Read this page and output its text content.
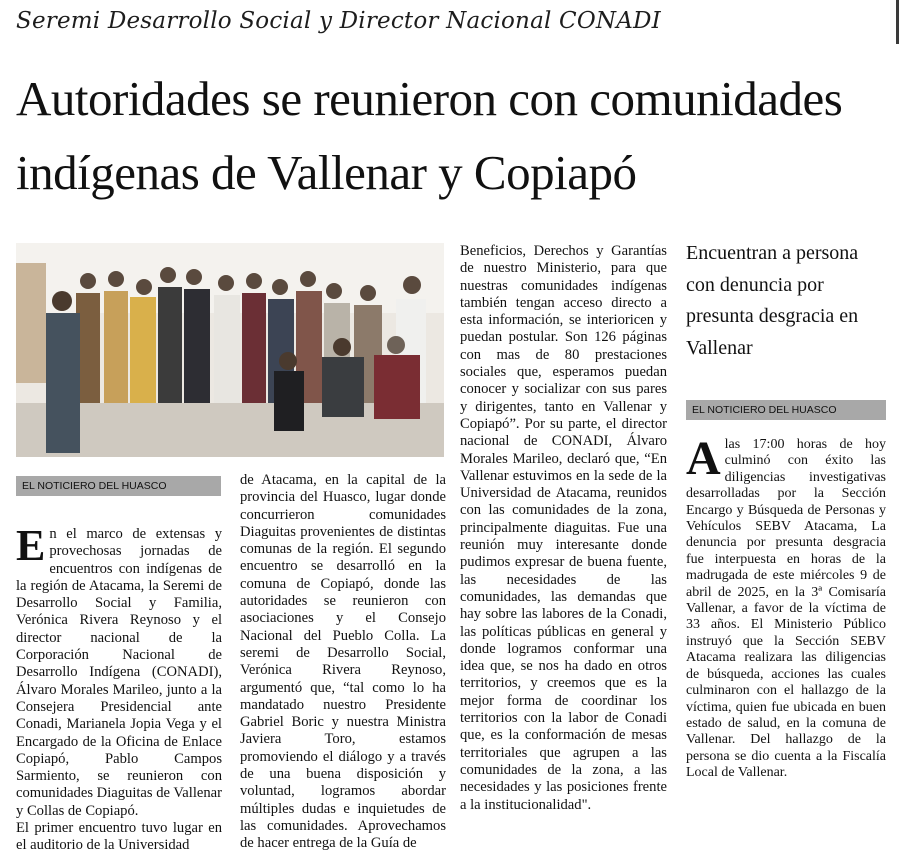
Seremi Desarrollo Social y Director Nacional CONADI
Autoridades se reunieron con comunidades indígenas de Vallenar y Copiapó
EL NOTICIERO DEL HUASCO

En el marco de extensas y provechosas jornadas de encuentros con indígenas de la región de Atacama, la Seremi de Desarrollo Social y Familia, Verónica Rivera Reynoso y el director nacional de la Corporación Nacional de Desarrollo Indígena (CONADI), Álvaro Morales Marileo, junto a la Consejera Presidencial ante Conadi, Marianela Jopia Vega y el Encargado de la Oficina de Enlace Copiapó, Pablo Campos Sarmiento, se reunieron con comunidades Diaguitas de Vallenar y Collas de Copiapó.

El primer encuentro tuvo lugar en el auditorio de la Universidad

de Atacama, en la capital de la provincia del Huasco, lugar donde concurrieron comunidades Diaguitas provenientes de distintas comunas de la región. El segundo encuentro se desarrolló en la comuna de Copiapó, donde las autoridades se reunieron con asociaciones y el Consejo Nacional del Pueblo Colla. La seremi de Desarrollo Social, Verónica Rivera Reynoso, argumentó que, “tal como lo ha mandatado nuestro Presidente Gabriel Boric y nuestra Ministra Javiera Toro, estamos promoviendo el diálogo y a través de una buena disposición y voluntad, logramos abordar múltiples dudas e inquietudes de las comunidades. Aprovechamos de hacer entrega de la Guía de

Beneficios, Derechos y Garantías de nuestro Ministerio, para que nuestras comunidades indígenas también tengan acceso directo a esta información, se interioricen y puedan postular. Son 126 páginas con mas de 80 prestaciones sociales que, esperamos puedan conocer y socializar con sus pares y dirigentes, tanto en Vallenar y Copiapó”. Por su parte, el director nacional de CONADI, Álvaro Morales Marileo, declaró que, “En Vallenar estuvimos en la sede de la Universidad de Atacama, reunidos con las comunidades de la zona, principalmente diaguitas. Fue una reunión muy interesante donde pudimos expresar de buena fuente, las necesidades de las comunidades, las demandas que hay sobre las labores de la Conadi, las políticas públicas en general y donde logramos conformar una idea que, se nos ha dado en otros territorios, y creemos que es la mejor forma de coordinar los territorios con la labor de Conadi que, es la conformación de mesas territoriales que agrupen a las comunidades de la zona, a las necesidades y las posiciones frente a la institucionalidad".

Encuentran a persona con denuncia por presunta desgracia en Vallenar
EL NOTICIERO DEL HUASCO

Alas 17:00 horas de hoy culminó con éxito las diligencias investigativas desarrolladas por la Sección Encargo y Búsqueda de Personas y Vehículos SEBV Atacama, La denuncia por presunta desgracia fue interpuesta en horas de la madrugada de este miércoles 9 de abril de 2025, en la 3ª Comisaría Vallenar, a favor de la víctima de 33 años. El Ministerio Público instruyó que la Sección SEBV Atacama realizara las diligencias de búsqueda, acciones las cuales culminaron con el hallazgo de la víctima, quien fue ubicada en buen estado de salud, en la comuna de Vallenar. Del hallazgo de la persona se dio cuenta a la Fiscalía Local de Vallenar.
